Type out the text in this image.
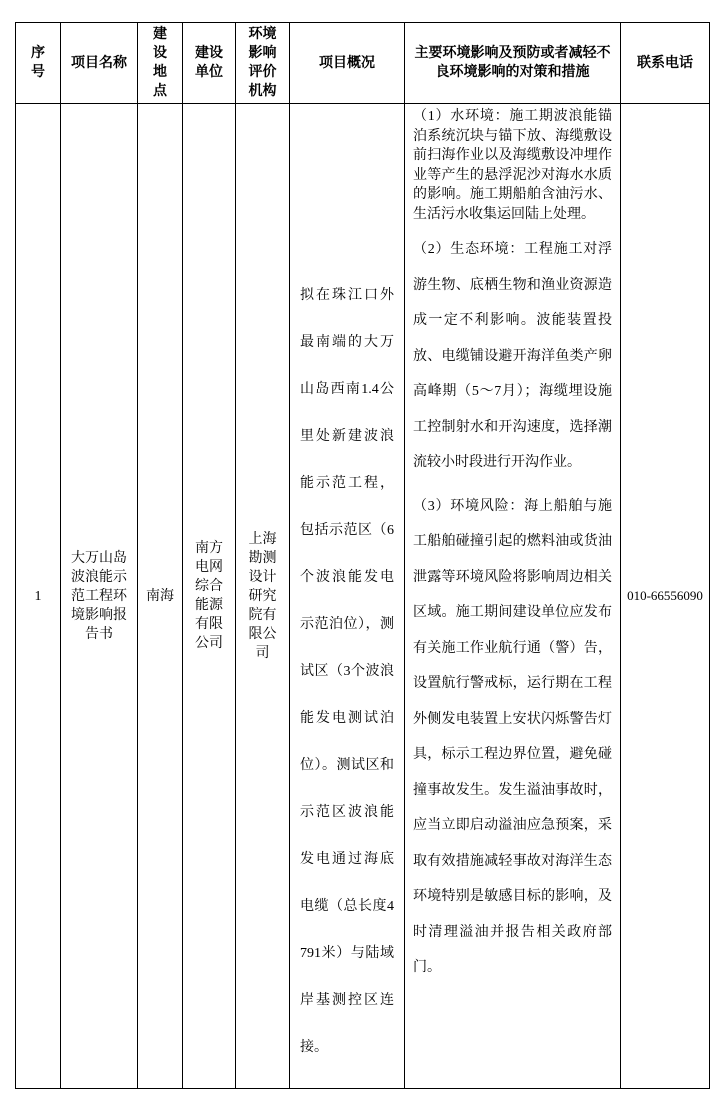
序号	项目名称	建设地点	建设单位	环境影响评价机构	项目概况	主要环境影响及预防或者减轻不良环境影响的对策和措施	联系电话
1	大万山岛波浪能示范工程环境影响报告书	南海	南方电网综合能源有限公司	上海勘测设计研究院有限公司	拟在珠江口外最南端的大万山岛西南1.4公里处新建波浪能示范工程，包括示范区（6个波浪能发电示范泊位），测试区（3个波浪能发电测试泊位）。测试区和示范区波浪能发电通过海底电缆（总长度4791米）与陆域岸基测控区连接。	（1）水环境：施工期波浪能锚泊系统沉块与锚下放、海缆敷设前扫海作业以及海缆敷设冲埋作业等产生的悬浮泥沙对海水水质的影响。施工期船舶含油污水、生活污水收集运回陆上处理。

（2）生态环境：工程施工对浮游生物、底栖生物和渔业资源造成一定不利影响。波能装置投放、电缆铺设避开海洋鱼类产卵高峰期（5～7月）；海缆埋设施工控制射水和开沟速度，选择潮流较小时段进行开沟作业。

（3）环境风险：海上船舶与施工船舶碰撞引起的燃料油或货油泄露等环境风险将影响周边相关区域。施工期间建设单位应发布有关施工作业航行通（警）告，设置航行警戒标，运行期在工程外侧发电装置上安状闪烁警告灯具，标示工程边界位置，避免碰撞事故发生。发生溢油事故时，应当立即启动溢油应急预案，采取有效措施减轻事故对海洋生态环境特别是敏感目标的影响，及时清理溢油并报告相关政府部门。	010-66556090
